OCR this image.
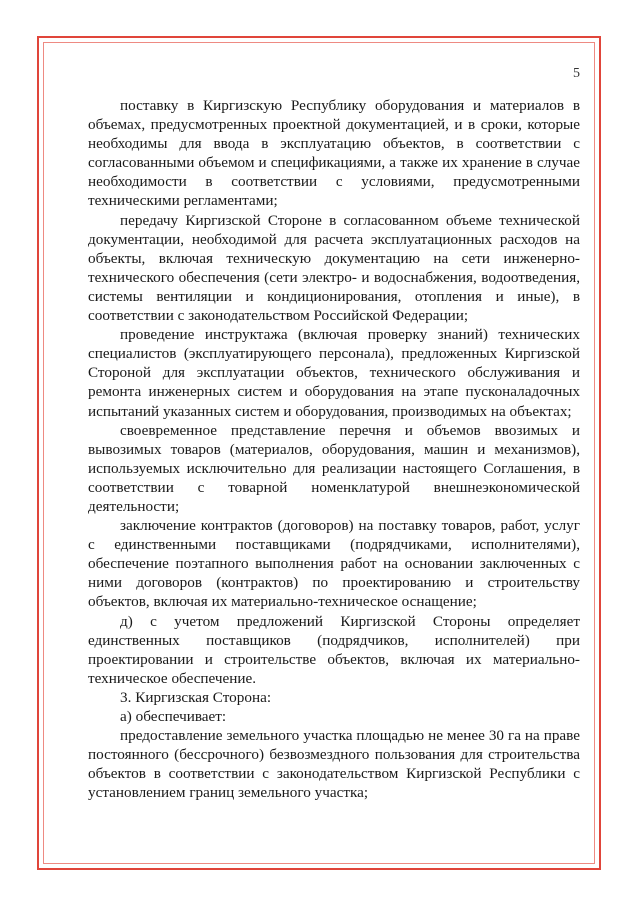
5

поставку в Киргизскую Республику оборудования и материалов в объемах, предусмотренных проектной документацией, и в сроки, которые необходимы для ввода в эксплуатацию объектов, в соответствии с согласованными объемом и спецификациями, а также их хранение в случае необходимости в соответствии с условиями, предусмотренными техническими регламентами;

передачу Киргизской Стороне в согласованном объеме технической документации, необходимой для расчета эксплуатационных расходов на объекты, включая техническую документацию на сети инженерно-технического обеспечения (сети электро- и водоснабжения, водоотведения, системы вентиляции и кондиционирования, отопления и иные), в соответствии с законодательством Российской Федерации;

проведение инструктажа (включая проверку знаний) технических специалистов (эксплуатирующего персонала), предложенных Киргизской Стороной для эксплуатации объектов, технического обслуживания и ремонта инженерных систем и оборудования на этапе пусконаладочных испытаний указанных систем и оборудования, производимых на объектах;

своевременное представление перечня и объемов ввозимых и вывозимых товаров (материалов, оборудования, машин и механизмов), используемых исключительно для реализации настоящего Соглашения, в соответствии с товарной номенклатурой внешнеэкономической деятельности;

заключение контрактов (договоров) на поставку товаров, работ, услуг с единственными поставщиками (подрядчиками, исполнителями), обеспечение поэтапного выполнения работ на основании заключенных с ними договоров (контрактов) по проектированию и строительству объектов, включая их материально-техническое оснащение;

д) с учетом предложений Киргизской Стороны определяет единственных поставщиков (подрядчиков, исполнителей) при проектировании и строительстве объектов, включая их материально-техническое обеспечение.

3. Киргизская Сторона:

а) обеспечивает:

предоставление земельного участка площадью не менее 30 га на праве постоянного (бессрочного) безвозмездного пользования для строительства объектов в соответствии с законодательством Киргизской Республики с установлением границ земельного участка;
